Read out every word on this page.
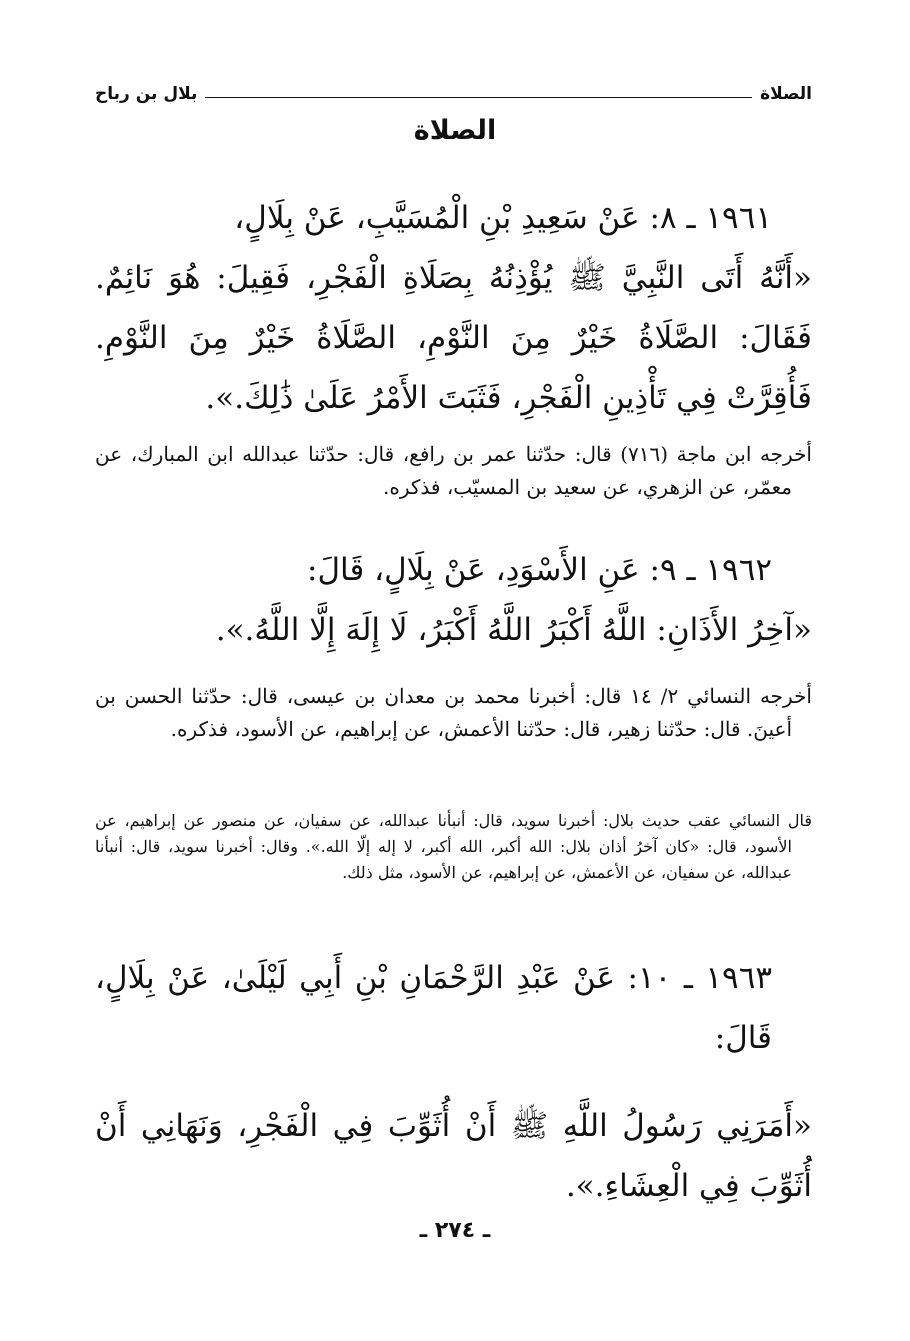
الصلاة
بلال بن رباح
الصلاة
١٩٦١ ـ ٨: عَنْ سَعِيدِ بْنِ الْمُسَيَّبِ، عَنْ بِلَالٍ،
«أَنَّهُ أَتَى النَّبِيَّ ﷺ يُؤْذِنُهُ بِصَلَاةِ الْفَجْرِ، فَقِيلَ: هُوَ نَائِمٌ. فَقَالَ: الصَّلَاةُ خَيْرٌ مِنَ النَّوْمِ، الصَّلَاةُ خَيْرٌ مِنَ النَّوْمِ. فَأُقِرَّتْ فِي تَأْذِينِ الْفَجْرِ، فَثَبَتَ الأَمْرُ عَلَىٰ ذَٰلِكَ.».

أخرجه ابن ماجة (٧١٦) قال: حدّثنا عمر بن رافع، قال: حدّثنا عبدالله ابن المبارك، عن معمّر، عن الزهري، عن سعيد بن المسيّب، فذكره.

١٩٦٢ ـ ٩: عَنِ الأَسْوَدِ، عَنْ بِلَالٍ، قَالَ:
«آخِرُ الأَذَانِ: اللَّهُ أَكْبَرُ اللَّهُ أَكْبَرُ، لَا إِلَهَ إِلَّا اللَّهُ.».

أخرجه النسائي ٢/ ١٤ قال: أخبرنا محمد بن معدان بن عيسى، قال: حدّثنا الحسن بن أعينَ. قال: حدّثنا زهير، قال: حدّثنا الأعمش، عن إبراهيم، عن الأسود، فذكره.

قال النسائي عقب حديث بلال: أخبرنا سويد، قال: أنبأنا عبدالله، عن سفيان، عن منصور عن إبراهيم، عن الأسود، قال: «كان آخرُ أذان بلال: الله أكبر، الله أكبر، لا إله إلّا الله.». وقال: أخبرنا سويد، قال: أنبأنا عبدالله، عن سفيان، عن الأعمش، عن إبراهيم، عن الأسود، مثل ذلك.

١٩٦٣ ـ ١٠: عَنْ عَبْدِ الرَّحْمَانِ بْنِ أَبِي لَيْلَىٰ، عَنْ بِلَالٍ، قَالَ:
«أَمَرَنِي رَسُولُ اللَّهِ ﷺ أَنْ أُثَوِّبَ فِي الْفَجْرِ، وَنَهَانِي أَنْ أُثَوِّبَ فِي الْعِشَاءِ.».
ـ ٢٧٤ ـ
